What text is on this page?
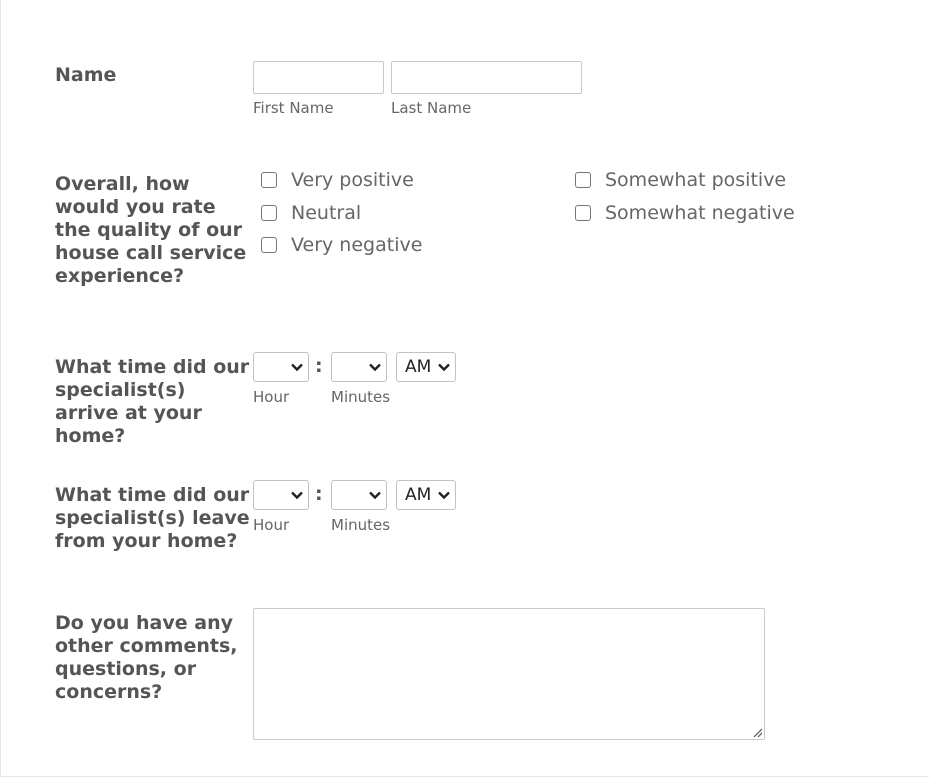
Name
First Name	Last Name
Overall, how would you rate the quality of our house call service experience?
Very positive	Somewhat positive
Neutral	Somewhat negative
Very negative
What time did our specialist(s) arrive at your home?
:	AM
Hour	Minutes
What time did our specialist(s) leave from your home?
:	AM
Hour	Minutes
Do you have any other comments, questions, or concerns?
